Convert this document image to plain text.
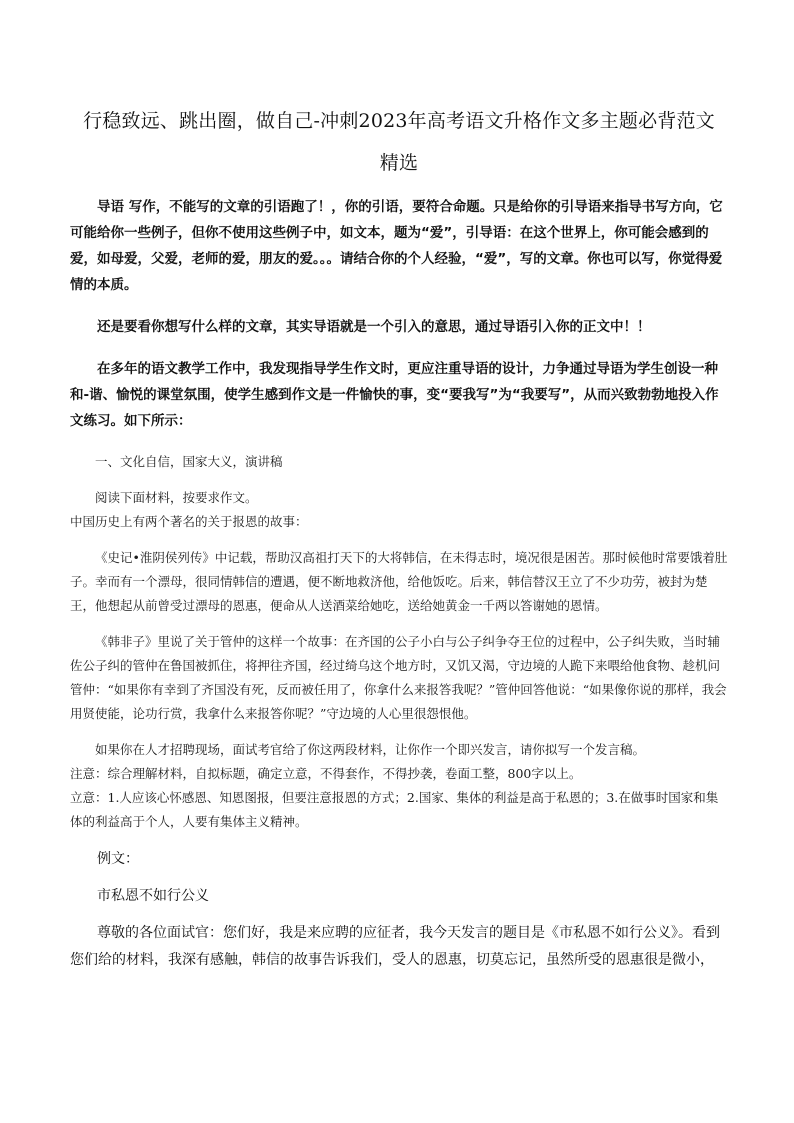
行稳致远、跳出圈，做自己-冲刺2023年高考语文升格作文多主题必背范文
精选

导语 写作，不能写的文章的引语跑了！，你的引语，要符合命题。只是给你的引导语来指导书写方向，它可能给你一些例子，但你不使用这些例子中，如文本，题为“爱”，引导语：在这个世界上，你可能会感到的爱，如母爱，父爱，老师的爱，朋友的爱。。。请结合你的个人经验，“爱”，写的文章。你也可以写，你觉得爱情的本质。

还是要看你想写什么样的文章，其实导语就是一个引入的意思，通过导语引入你的正文中！！

在多年的语文教学工作中，我发现指导学生作文时，更应注重导语的设计，力争通过导语为学生创设一种和-谐、愉悦的课堂氛围，使学生感到作文是一件愉快的事，变“要我写”为“我要写”，从而兴致勃勃地投入作文练习。如下所示：

一、文化自信，国家大义，演讲稿

阅读下面材料，按要求作文。

中国历史上有两个著名的关于报恩的故事：

《史记•淮阴侯列传》中记载，帮助汉高祖打天下的大将韩信，在未得志时，境况很是困苦。那时候他时常要饿着肚子。幸而有一个漂母，很同情韩信的遭遇，便不断地救济他，给他饭吃。后来，韩信替汉王立了不少功劳，被封为楚王，他想起从前曾受过漂母的恩惠，便命从人送酒菜给她吃，送给她黄金一千两以答谢她的恩情。

《韩非子》里说了关于管仲的这样一个故事：在齐国的公子小白与公子纠争夺王位的过程中，公子纠失败，当时辅佐公子纠的管仲在鲁国被抓住，将押往齐国，经过绮乌这个地方时，又饥又渴，守边境的人跪下来喂给他食物、趁机问管仲：“如果你有幸到了齐国没有死，反而被任用了，你拿什么来报答我呢？”管仲回答他说：“如果像你说的那样，我会用贤使能，论功行赏，我拿什么来报答你呢？”守边境的人心里很怨恨他。

如果你在人才招聘现场，面试考官给了你这两段材料，让你作一个即兴发言，请你拟写一个发言稿。

注意：综合理解材料，自拟标题，确定立意，不得套作，不得抄袭，卷面工整，800字以上。

立意：1.人应该心怀感恩、知恩图报，但要注意报恩的方式；2.国家、集体的利益是高于私恩的；3.在做事时国家和集体的利益高于个人，人要有集体主义精神。

例文：

市私恩不如行公义

尊敬的各位面试官：您们好，我是来应聘的应征者，我今天发言的题目是《市私恩不如行公义》。看到您们给的材料，我深有感触，韩信的故事告诉我们，受人的恩惠，切莫忘记，虽然所受的恩惠很是微小，
